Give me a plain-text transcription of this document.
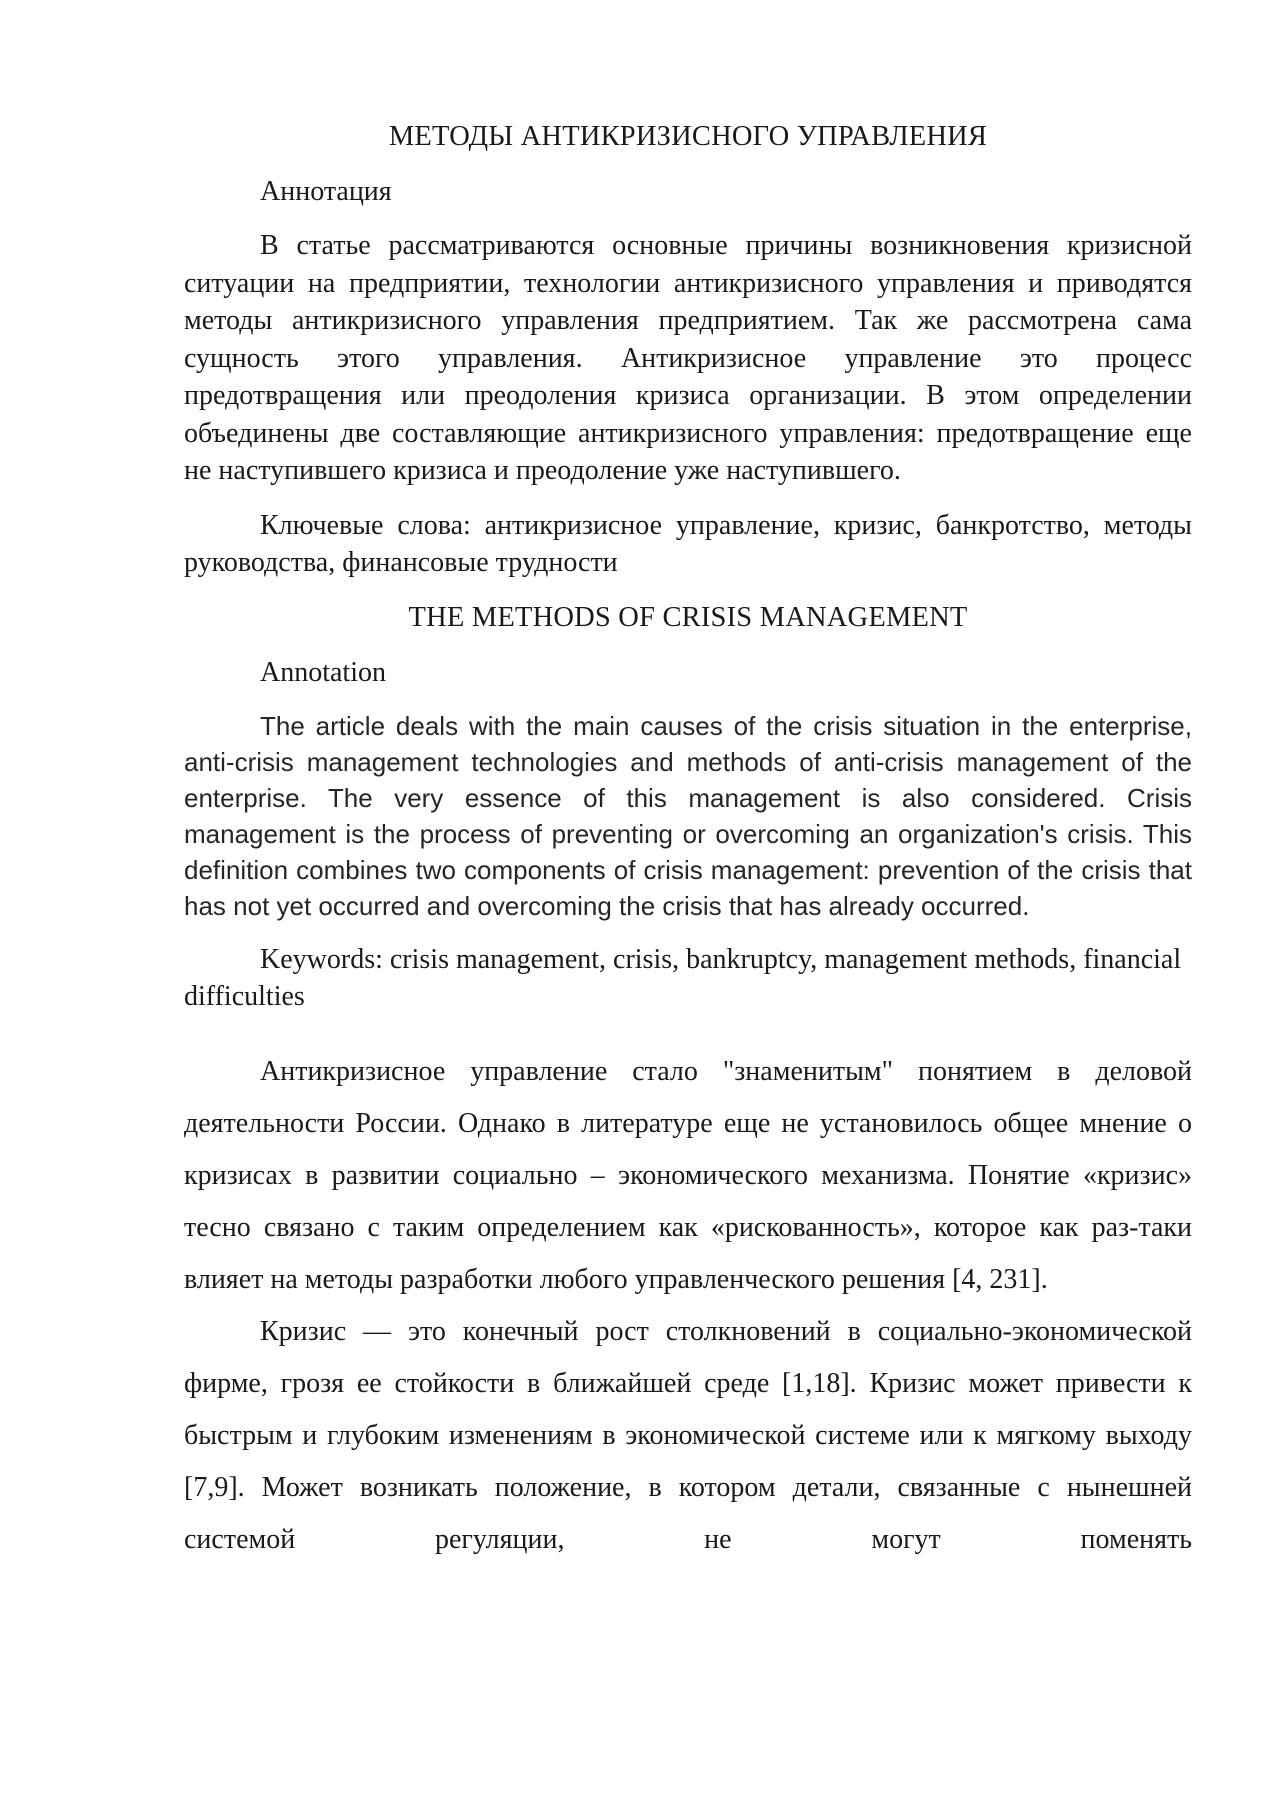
МЕТОДЫ АНТИКРИЗИСНОГО УПРАВЛЕНИЯ
Аннотация

В статье рассматриваются основные причины возникновения кризисной ситуации на предприятии, технологии антикризисного управления и приводятся методы антикризисного управления предприятием. Так же рассмотрена сама сущность этого управления. Антикризисное управление это процесс предотвращения или преодоления кризиса организации. В этом определении объединены две составляющие антикризисного управления: предотвращение еще не наступившего кризиса и преодоление уже наступившего.

Ключевые слова: антикризисное управление, кризис, банкротство, методы руководства, финансовые трудности

THE METHODS OF CRISIS MANAGEMENT
Annotation

The article deals with the main causes of the crisis situation in the enterprise, anti-crisis management technologies and methods of anti-crisis management of the enterprise. The very essence of this management is also considered. Crisis management is the process of preventing or overcoming an organization's crisis. This definition combines two components of crisis management: prevention of the crisis that has not yet occurred and overcoming the crisis that has already occurred.

Keywords: crisis management, crisis, bankruptcy, management methods, financial difficulties

Антикризисное управление стало "знаменитым" понятием в деловой деятельности России. Однако в литературе еще не установилось общее мнение о кризисах в развитии социально – экономического механизма. Понятие «кризис» тесно связано с таким определением как «рискованность», которое как раз-таки влияет на методы разработки любого управленческого решения [4, 231].

Кризис — это конечный рост столкновений в социально-экономической фирме, грозя ее стойкости в ближайшей среде [1,18]. Кризис может привести к быстрым и глубоким изменениям в экономической системе или к мягкому выходу [7,9]. Может возникать положение, в котором детали, связанные с нынешней системой регуляции, не могут поменять
